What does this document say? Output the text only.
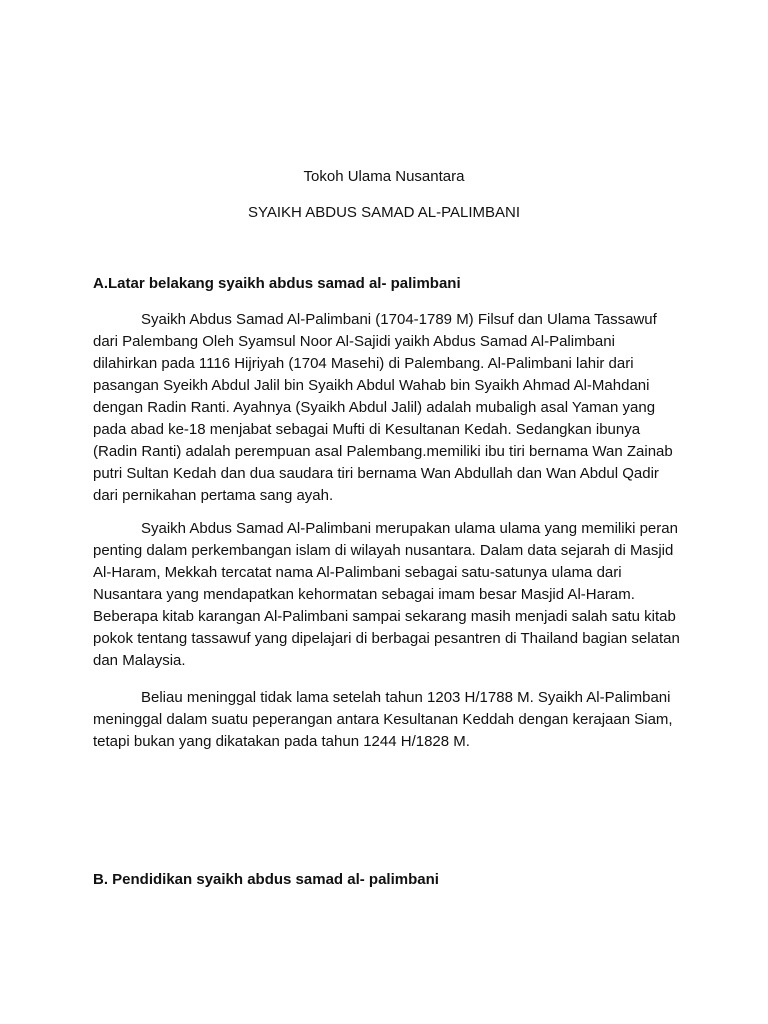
Tokoh Ulama Nusantara
SYAIKH ABDUS SAMAD AL-PALIMBANI
A.Latar belakang syaikh abdus samad al- palimbani

Syaikh Abdus Samad Al-Palimbani (1704-1789 M) Filsuf dan Ulama Tassawuf dari Palembang Oleh Syamsul Noor Al-Sajidi yaikh Abdus Samad Al-Palimbani dilahirkan pada 1116 Hijriyah (1704 Masehi) di Palembang. Al-Palimbani lahir dari pasangan Syeikh Abdul Jalil bin Syaikh Abdul Wahab bin Syaikh Ahmad Al-Mahdani dengan Radin Ranti. Ayahnya (Syaikh Abdul Jalil) adalah mubaligh asal Yaman yang pada abad ke-18 menjabat sebagai Mufti di Kesultanan Kedah. Sedangkan ibunya (Radin Ranti) adalah perempuan asal Palembang.memiliki ibu tiri bernama Wan Zainab putri Sultan Kedah dan dua saudara tiri bernama Wan Abdullah dan Wan Abdul Qadir dari pernikahan pertama sang ayah.

Syaikh Abdus Samad Al-Palimbani merupakan ulama ulama yang memiliki peran penting dalam perkembangan islam di wilayah nusantara. Dalam data sejarah di Masjid Al-Haram, Mekkah tercatat nama Al-Palimbani sebagai satu-satunya ulama dari Nusantara yang mendapatkan kehormatan sebagai imam besar Masjid Al-Haram. Beberapa kitab karangan Al-Palimbani sampai sekarang masih menjadi salah satu kitab pokok tentang tassawuf yang dipelajari di berbagai pesantren di Thailand bagian selatan dan Malaysia.

Beliau meninggal tidak lama setelah tahun 1203 H/1788 M. Syaikh Al-Palimbani meninggal dalam suatu peperangan antara Kesultanan Keddah dengan kerajaan Siam, tetapi bukan yang dikatakan pada tahun 1244 H/1828 M.

B. Pendidikan syaikh abdus samad al- palimbani
